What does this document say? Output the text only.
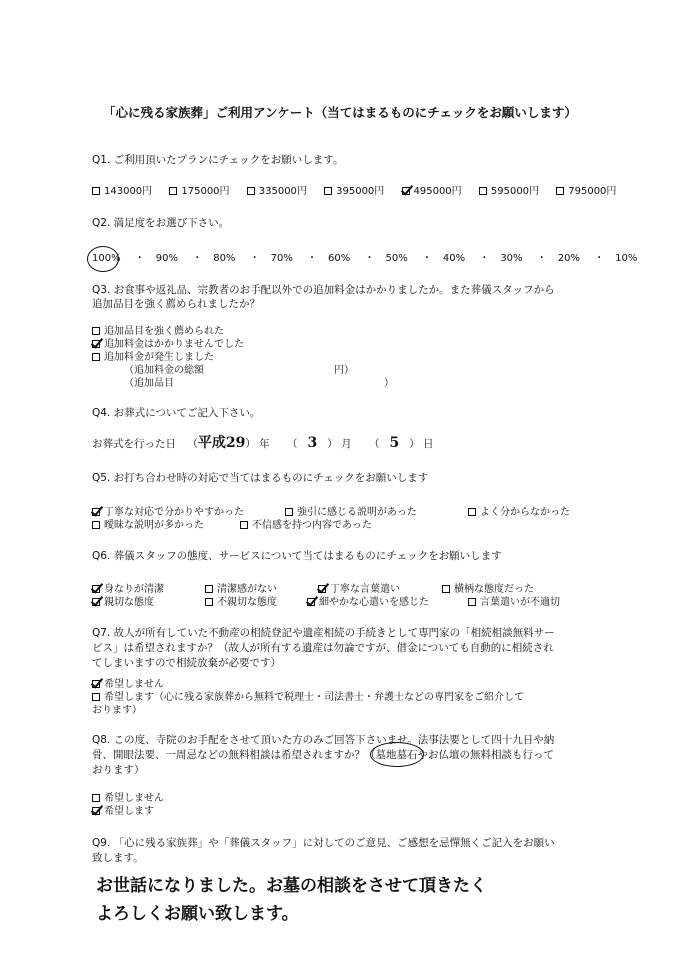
「心に残る家族葬」ご利用アンケート（当てはまるものにチェックをお願いします）
Q1. ご利用頂いたプランにチェックをお願いします。
143000円	175000円	335000円	395000円	495000円	595000円	795000円
Q2. 満足度をお選び下さい。
100% ・ 90% ・ 80% ・ 70% ・ 60% ・ 50% ・ 40% ・ 30% ・ 20% ・ 10%
Q3. お食事や返礼品、宗教者のお手配以外での追加料金はかかりましたか。また葬儀スタッフから
追加品目を強く薦められましたか？
追加品目を強く薦められた
追加料金はかかりませんでした
追加料金が発生しました
（追加料金の総額	円）
（追加品目	）
Q4. お葬式についてご記入下さい。
お葬式を行った日 （平成29） 年 （ 3 ） 月 （ 5 ） 日
Q5. お打ち合わせ時の対応で当てはまるものにチェックをお願いします
丁寧な対応で分かりやすかった	強引に感じる説明があった	よく分からなかった
曖昧な説明が多かった	不信感を持つ内容であった
Q6. 葬儀スタッフの態度、サービスについて当てはまるものにチェックをお願いします
身なりが清潔	清潔感がない	丁寧な言葉遣い	横柄な態度だった
親切な態度	不親切な態度	細やかな心遣いを感じた	言葉遣いが不適切
Q7. 故人が所有していた不動産の相続登記や遺産相続の手続きとして専門家の「相続相談無料サー
ビス」は希望されますか？（故人が所有する遺産は勿論ですが、借金についても自動的に相続され
てしまいますので相続放棄が必要です）
希望しません
希望します（心に残る家族葬から無料で税理士・司法書士・弁護士などの専門家をご紹介して
おります）
Q8. この度、寺院のお手配をさせて頂いた方のみご回答下さいませ。法事法要として四十九日や納
骨、開眼法要、一周忌などの無料相談は希望されますか？（墓地墓石
やお仏壇の無料相談も行って
おります）
希望しません
希望します
Q9. 「心に残る家族葬」や「葬儀スタッフ」に対してのご意見、ご感想を忌憚無くご記入をお願い
致します。
お世話になりました。お墓の相談をさせて頂きたく
よろしくお願い致します。
